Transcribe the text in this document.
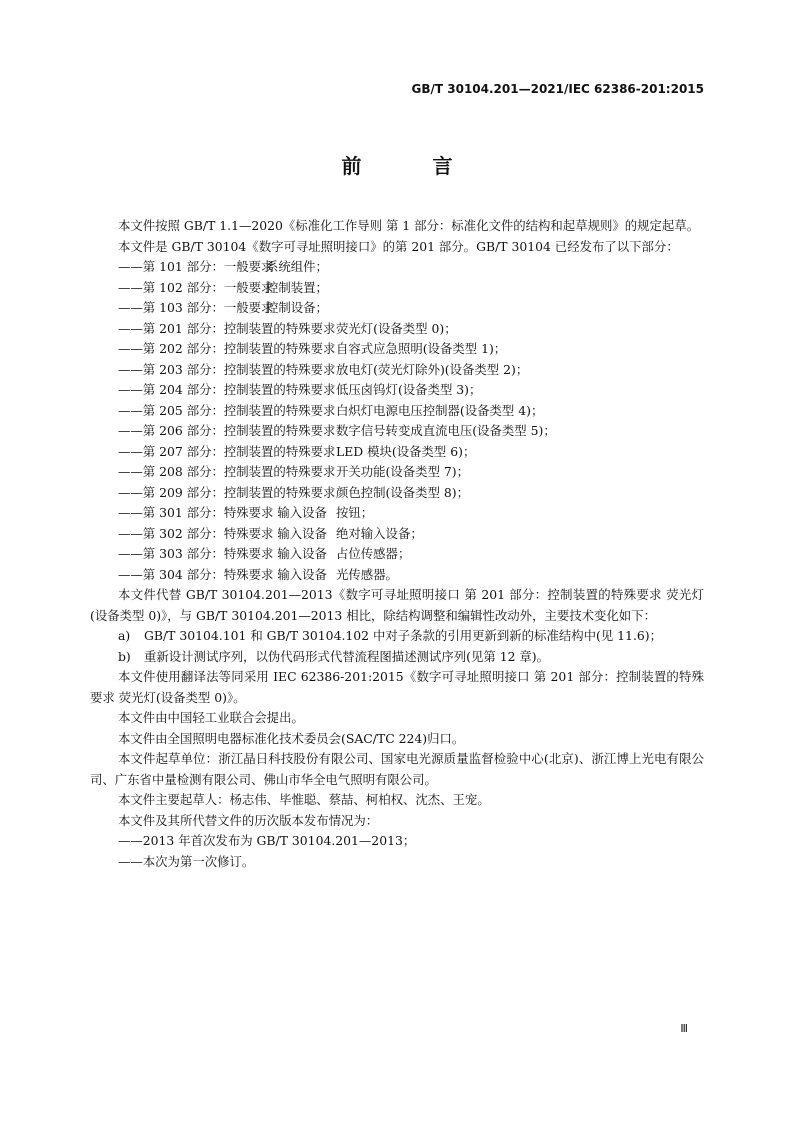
GB/T 30104.201—2021/IEC 62386-201:2015
前 言

本文件按照 GB/T 1.1—2020《标准化工作导则 第 1 部分：标准化文件的结构和起草规则》的规定起草。

本文件是 GB/T 30104《数字可寻址照明接口》的第 201 部分。GB/T 30104 已经发布了以下部分：

——第 101 部分：一般要求系统组件；

——第 102 部分：一般要求控制装置；

——第 103 部分：一般要求控制设备；

——第 201 部分：控制装置的特殊要求荧光灯(设备类型 0)；

——第 202 部分：控制装置的特殊要求自容式应急照明(设备类型 1)；

——第 203 部分：控制装置的特殊要求放电灯(荧光灯除外)(设备类型 2)；

——第 204 部分：控制装置的特殊要求低压卤钨灯(设备类型 3)；

——第 205 部分：控制装置的特殊要求白炽灯电源电压控制器(设备类型 4)；

——第 206 部分：控制装置的特殊要求数字信号转变成直流电压(设备类型 5)；

——第 207 部分：控制装置的特殊要求LED 模块(设备类型 6)；

——第 208 部分：控制装置的特殊要求开关功能(设备类型 7)；

——第 209 部分：控制装置的特殊要求颜色控制(设备类型 8)；

——第 301 部分：特殊要求 输入设备 按钮；

——第 302 部分：特殊要求 输入设备 绝对输入设备；

——第 303 部分：特殊要求 输入设备 占位传感器；

——第 304 部分：特殊要求 输入设备 光传感器。

本文件代替 GB/T 30104.201—2013《数字可寻址照明接口 第 201 部分：控制装置的特殊要求 荧光灯(设备类型 0)》，与 GB/T 30104.201—2013 相比，除结构调整和编辑性改动外，主要技术变化如下：

a) GB/T 30104.101 和 GB/T 30104.102 中对子条款的引用更新到新的标准结构中(见 11.6)；

b) 重新设计测试序列，以伪代码形式代替流程图描述测试序列(见第 12 章)。

本文件使用翻译法等同采用 IEC 62386-201:2015《数字可寻址照明接口 第 201 部分：控制装置的特殊要求 荧光灯(设备类型 0)》。

本文件由中国轻工业联合会提出。

本文件由全国照明电器标准化技术委员会(SAC/TC 224)归口。

本文件起草单位：浙江晶日科技股份有限公司、国家电光源质量监督检验中心(北京)、浙江博上光电有限公司、广东省中量检测有限公司、佛山市华全电气照明有限公司。

本文件主要起草人：杨志伟、毕惟聪、蔡喆、柯柏权、沈杰、王宠。

本文件及其所代替文件的历次版本发布情况为：

——2013 年首次发布为 GB/T 30104.201—2013；

——本次为第一次修订。

Ⅲ
